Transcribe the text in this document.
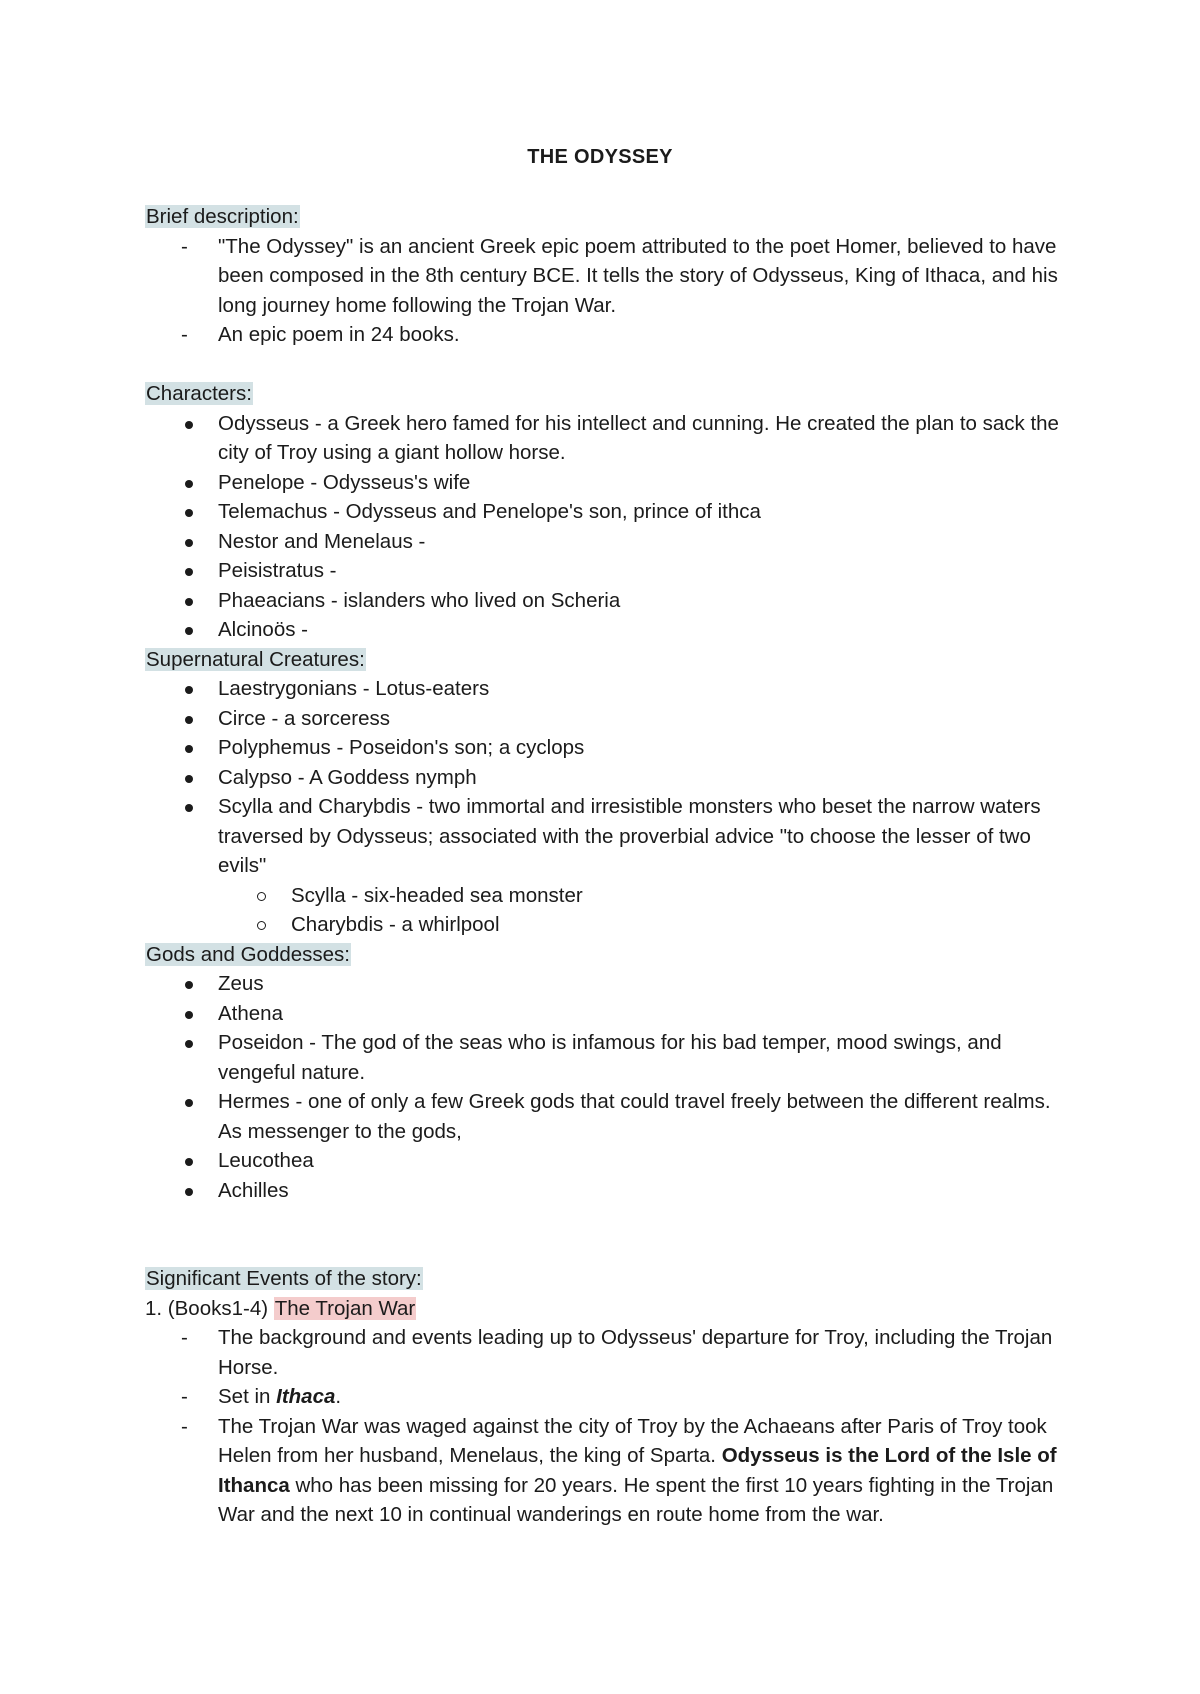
THE ODYSSEY
Brief description:
- "The Odyssey" is an ancient Greek epic poem attributed to the poet Homer, believed to have been composed in the 8th century BCE. It tells the story of Odysseus, King of Ithaca, and his long journey home following the Trojan War.
- An epic poem in 24 books.
Characters:
Odysseus - a Greek hero famed for his intellect and cunning. He created the plan to sack the city of Troy using a giant hollow horse.
Penelope - Odysseus's wife
Telemachus - Odysseus and Penelope's son, prince of ithca
Nestor and Menelaus -
Peisistratus -
Phaeacians - islanders who lived on Scheria
Alcinoös -
Supernatural Creatures:
Laestrygonians - Lotus-eaters
Circe - a sorceress
Polyphemus - Poseidon's son; a cyclops
Calypso - A Goddess nymph
Scylla and Charybdis - two immortal and irresistible monsters who beset the narrow waters traversed by Odysseus; associated with the proverbial advice "to choose the lesser of two evils"
Scylla - six-headed sea monster
Charybdis - a whirlpool
Gods and Goddesses:
Zeus
Athena
Poseidon - The god of the seas who is infamous for his bad temper, mood swings, and vengeful nature.
Hermes - one of only a few Greek gods that could travel freely between the different realms. As messenger to the gods,
Leucothea
Achilles
Significant Events of the story:
1. (Books1-4) The Trojan War
- The background and events leading up to Odysseus' departure for Troy, including the Trojan Horse.
- Set in Ithaca.
- The Trojan War was waged against the city of Troy by the Achaeans after Paris of Troy took Helen from her husband, Menelaus, the king of Sparta. Odysseus is the Lord of the Isle of Ithanca who has been missing for 20 years. He spent the first 10 years fighting in the Trojan War and the next 10 in continual wanderings en route home from the war.
